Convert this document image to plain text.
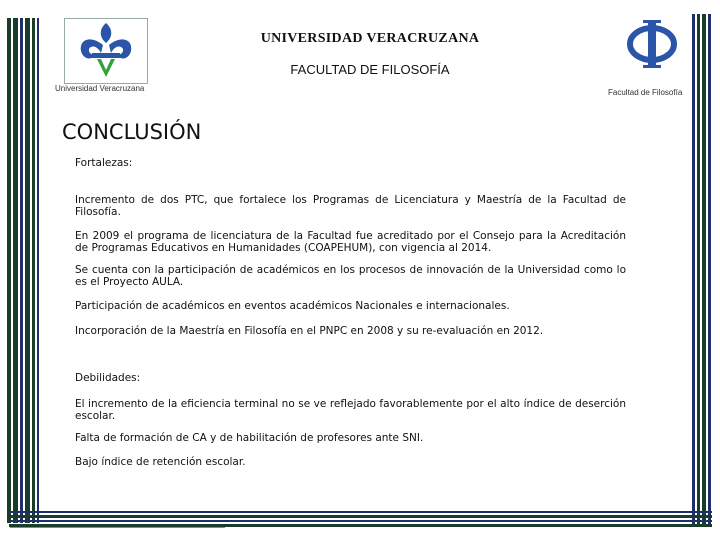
Universidad Veracruzana	Facultad de Filosofía
UNIVERSIDAD VERACRUZANA
FACULTAD DE FILOSOFÍA
CONCLUSIÓN

Fortalezas:

Incremento de dos PTC, que fortalece los Programas de Licenciatura y Maestría de la Facultad de Filosofía.

En 2009 el programa de licenciatura de la Facultad fue acreditado por el Consejo para la Acreditación de Programas Educativos en Humanidades (COAPEHUM), con vigencia al 2014.

Se cuenta con la participación de académicos en los procesos de innovación de la Universidad como lo es el Proyecto AULA.

Participación de académicos en eventos académicos Nacionales e internacionales.

Incorporación de la Maestría en Filosofía en el PNPC en 2008 y su re-evaluación en 2012.

Debilidades:

El incremento de la eficiencia terminal no se ve reflejado favorablemente por el alto índice de deserción escolar.

Falta de formación de CA y de habilitación de profesores ante SNI.

Bajo índice de retención escolar.
